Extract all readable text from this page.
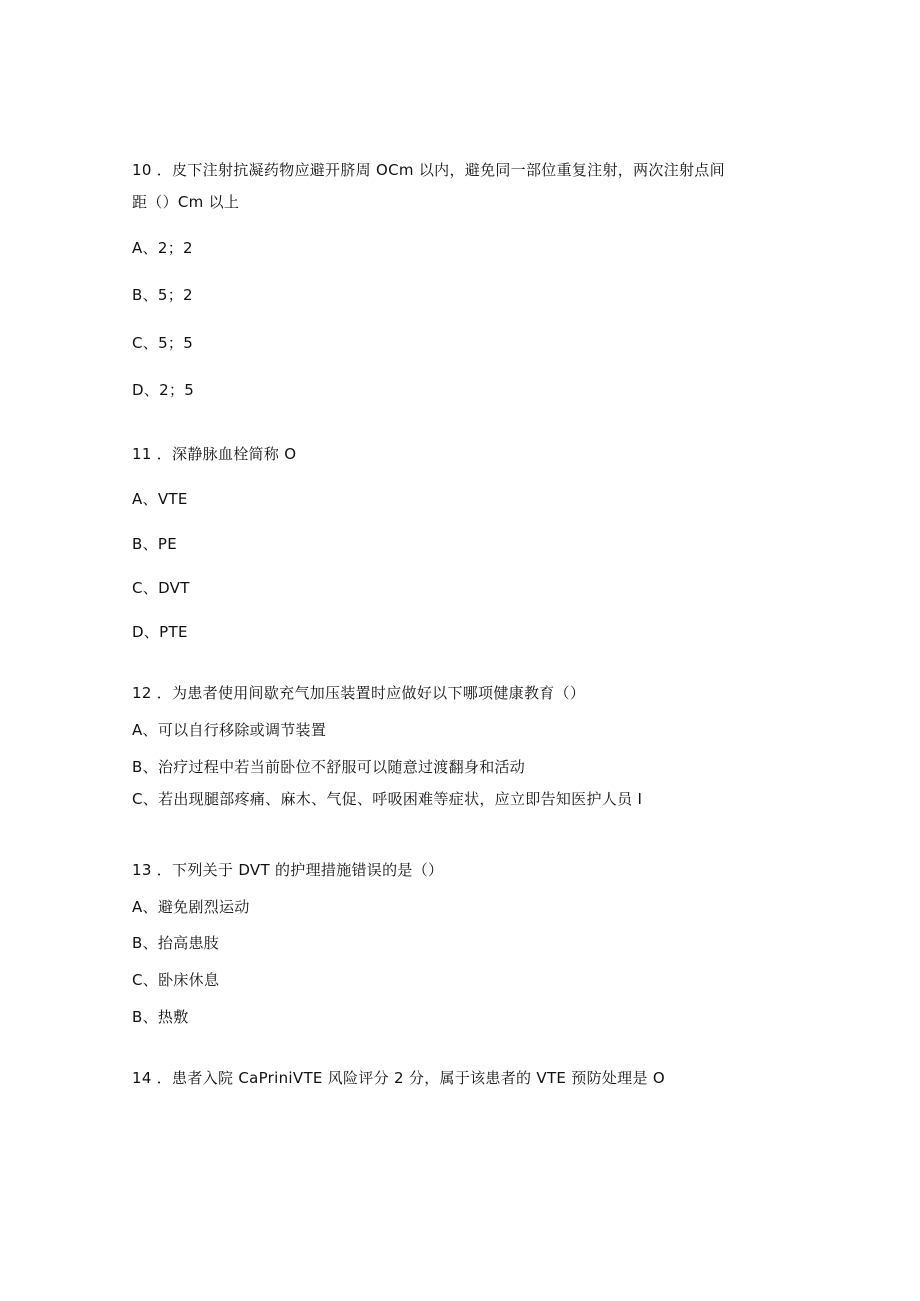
10 ．皮下注射抗凝药物应避开脐周 OCm 以内，避免同一部位重复注射，两次注射点间
距（）Cm 以上
A、2；2
B、5；2
C、5；5
D、2；5
11 ．深静脉血栓简称 O
A、VTE
B、PE
C、DVT
D、PTE
12 ．为患者使用间歇充气加压装置时应做好以下哪项健康教育（）
A、可以自行移除或调节装置
B、治疗过程中若当前卧位不舒服可以随意过渡翻身和活动
C、若出现腿部疼痛、麻木、气促、呼吸困难等症状，应立即告知医护人员 I
13 ．下列关于 DVT 的护理措施错误的是（）
A、避免剧烈运动
B、抬高患肢
C、卧床休息
B、热敷
14 ．患者入院 CaPriniVTE 风险评分 2 分，属于该患者的 VTE 预防处理是 O
